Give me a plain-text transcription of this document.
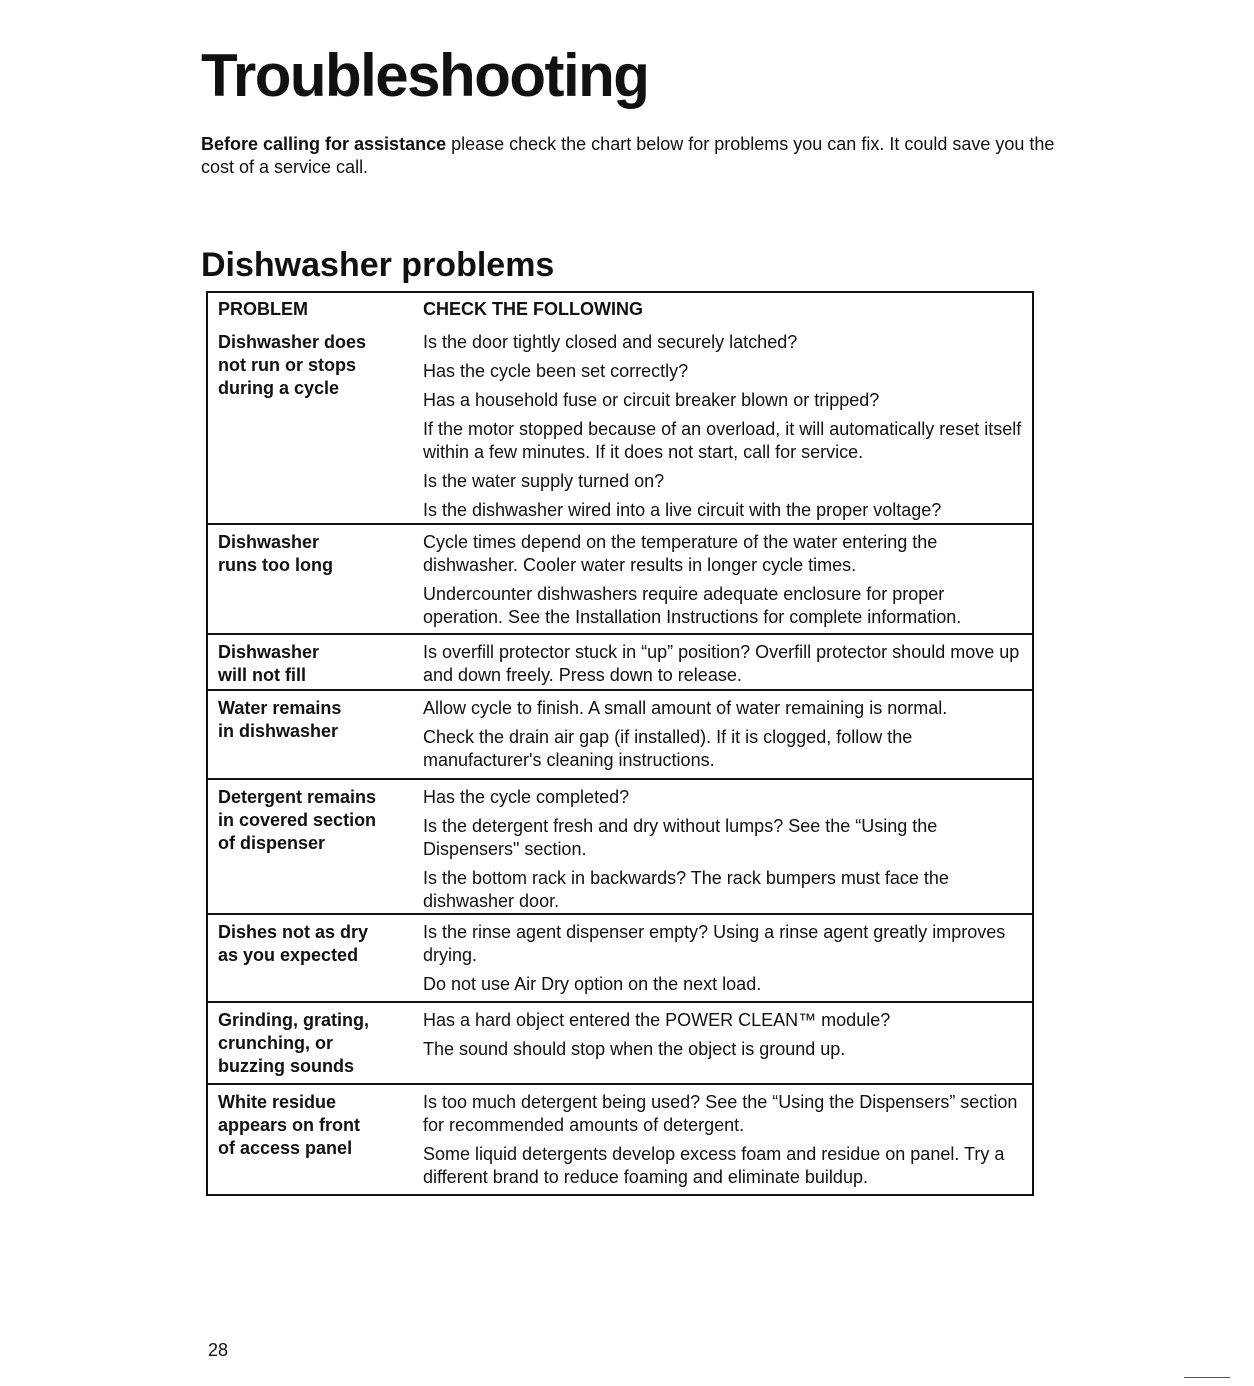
Troubleshooting

Before calling for assistance please check the chart below for problems you can fix. It could save you the cost of a service call.

Dishwasher problems
PROBLEM	CHECK THE FOLLOWING
Dishwasher does
not run or stops
during a cycle

Is the door tightly closed and securely latched?

Has the cycle been set correctly?

Has a household fuse or circuit breaker blown or tripped?

If the motor stopped because of an overload, it will automatically reset itself within a few minutes. If it does not start, call for service.

Is the water supply turned on?

Is the dishwasher wired into a live circuit with the proper voltage?

Dishwasher
runs too long

Cycle times depend on the temperature of the water entering the dishwasher. Cooler water results in longer cycle times.

Undercounter dishwashers require adequate enclosure for proper operation. See the Installation Instructions for complete information.

Dishwasher
will not fill

Is overfill protector stuck in “up” position? Overfill protector should move up and down freely. Press down to release.

Water remains
in dishwasher

Allow cycle to finish. A small amount of water remaining is normal.

Check the drain air gap (if installed). If it is clogged, follow the manufacturer's cleaning instructions.

Detergent remains
in covered section
of dispenser

Has the cycle completed?

Is the detergent fresh and dry without lumps? See the “Using the Dispensers" section.

Is the bottom rack in backwards? The rack bumpers must face the dishwasher door.

Dishes not as dry
as you expected

Is the rinse agent dispenser empty? Using a rinse agent greatly improves drying.

Do not use Air Dry option on the next load.

Grinding, grating,
crunching, or
buzzing sounds

Has a hard object entered the POWER CLEAN™ module?

The sound should stop when the object is ground up.

White residue
appears on front
of access panel

Is too much detergent being used? See the “Using the Dispensers” section for recommended amounts of detergent.

Some liquid detergents develop excess foam and residue on panel. Try a different brand to reduce foaming and eliminate buildup.

28
